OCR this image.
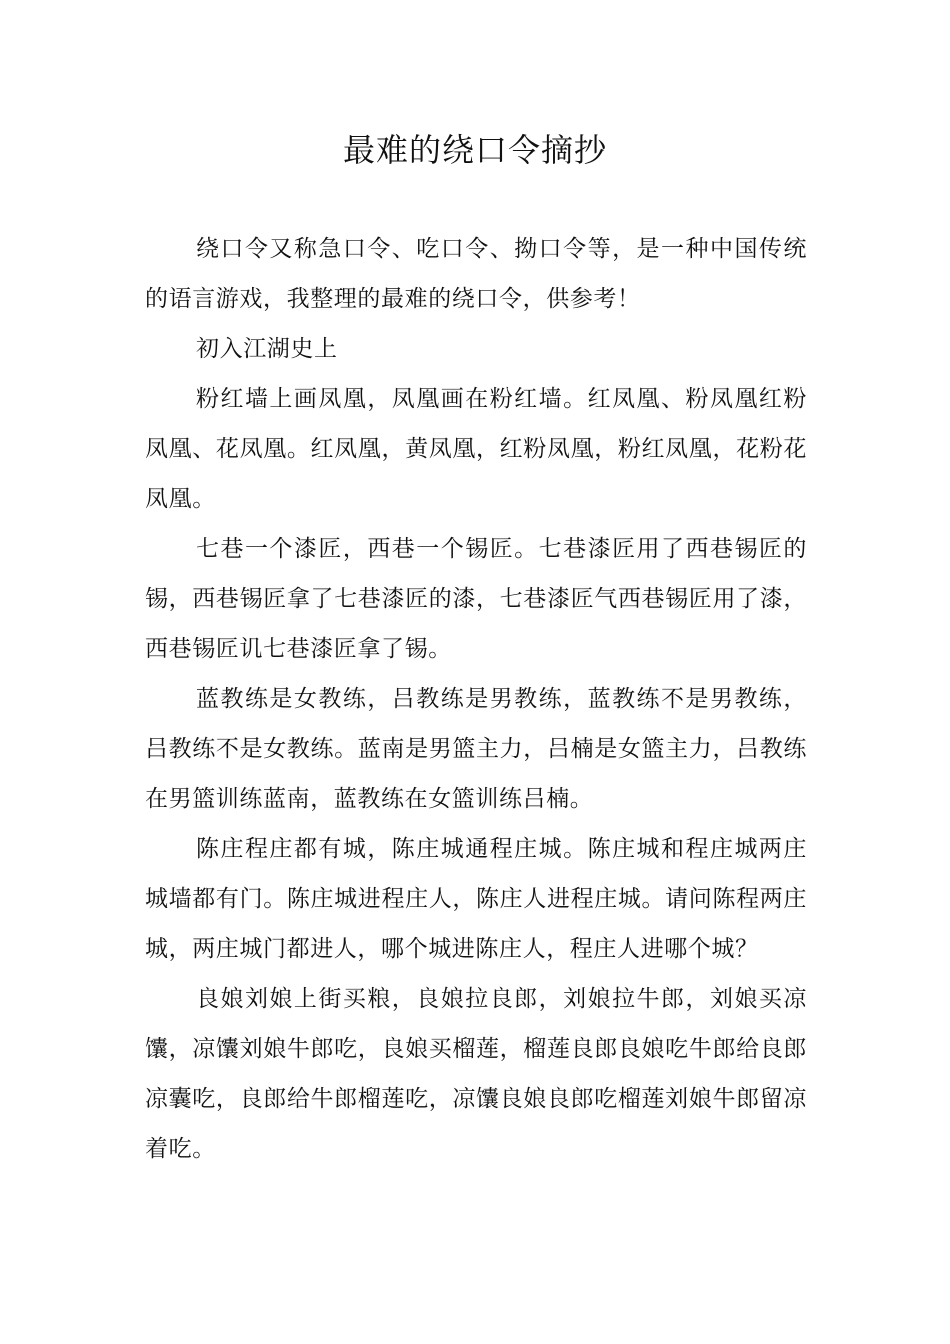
最难的绕口令摘抄

绕口令又称急口令、吃口令、拗口令等，是一种中国传统的语言游戏，我整理的最难的绕口令，供参考！

初入江湖史上

粉红墙上画凤凰，凤凰画在粉红墙。红凤凰、粉凤凰红粉凤凰、花凤凰。红凤凰，黄凤凰，红粉凤凰，粉红凤凰，花粉花凤凰。

七巷一个漆匠，西巷一个锡匠。七巷漆匠用了西巷锡匠的锡，西巷锡匠拿了七巷漆匠的漆，七巷漆匠气西巷锡匠用了漆，西巷锡匠讥七巷漆匠拿了锡。

蓝教练是女教练，吕教练是男教练，蓝教练不是男教练，吕教练不是女教练。蓝南是男篮主力，吕楠是女篮主力，吕教练在男篮训练蓝南，蓝教练在女篮训练吕楠。

陈庄程庄都有城，陈庄城通程庄城。陈庄城和程庄城两庄城墙都有门。陈庄城进程庄人，陈庄人进程庄城。请问陈程两庄城，两庄城门都进人，哪个城进陈庄人，程庄人进哪个城？

良娘刘娘上街买粮，良娘拉良郎，刘娘拉牛郎，刘娘买凉馕，凉馕刘娘牛郎吃，良娘买榴莲，榴莲良郎良娘吃牛郎给良郎凉囊吃，良郎给牛郎榴莲吃，凉馕良娘良郎吃榴莲刘娘牛郎留凉着吃。
